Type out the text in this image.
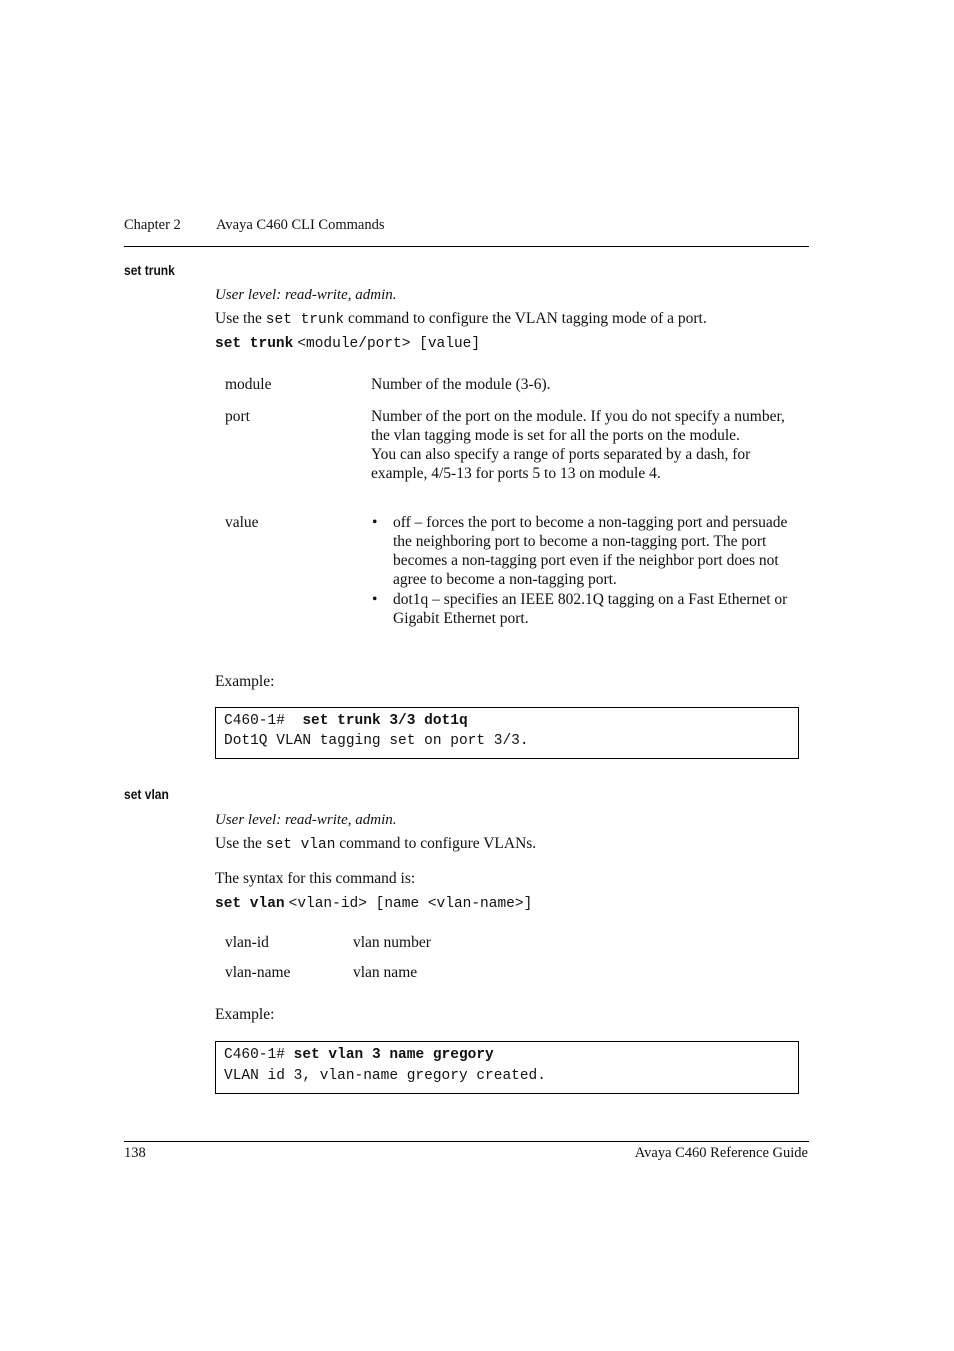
Chapter 2 Avaya C460 CLI Commands
set trunk
User level: read-write, admin.
Use the set trunk command to configure the VLAN tagging mode of a port.
set trunk <module/port> [value]
module	Number of the module (3-6).
port	Number of the port on the module. If you do not specify a number, the vlan tagging mode is set for all the ports on the module.
You can also specify a range of ports separated by a dash, for example, 4/5-13 for ports 5 to 13 on module 4.
value	• off – forces the port to become a non-tagging port and persuade the neighboring port to become a non-tagging port. The port becomes a non-tagging port even if the neighbor port does not agree to become a non-tagging port.
• dot1q – specifies an IEEE 802.1Q tagging on a Fast Ethernet or Gigabit Ethernet port.
Example:
C460-1# set trunk 3/3 dot1q
Dot1Q VLAN tagging set on port 3/3.
set vlan
User level: read-write, admin.
Use the set vlan command to configure VLANs.
The syntax for this command is:
set vlan <vlan-id> [name <vlan-name>]
vlan-id	vlan number
vlan-name	vlan name
Example:
C460-1# set vlan 3 name gregory
VLAN id 3, vlan-name gregory created.
138	Avaya C460 Reference Guide
